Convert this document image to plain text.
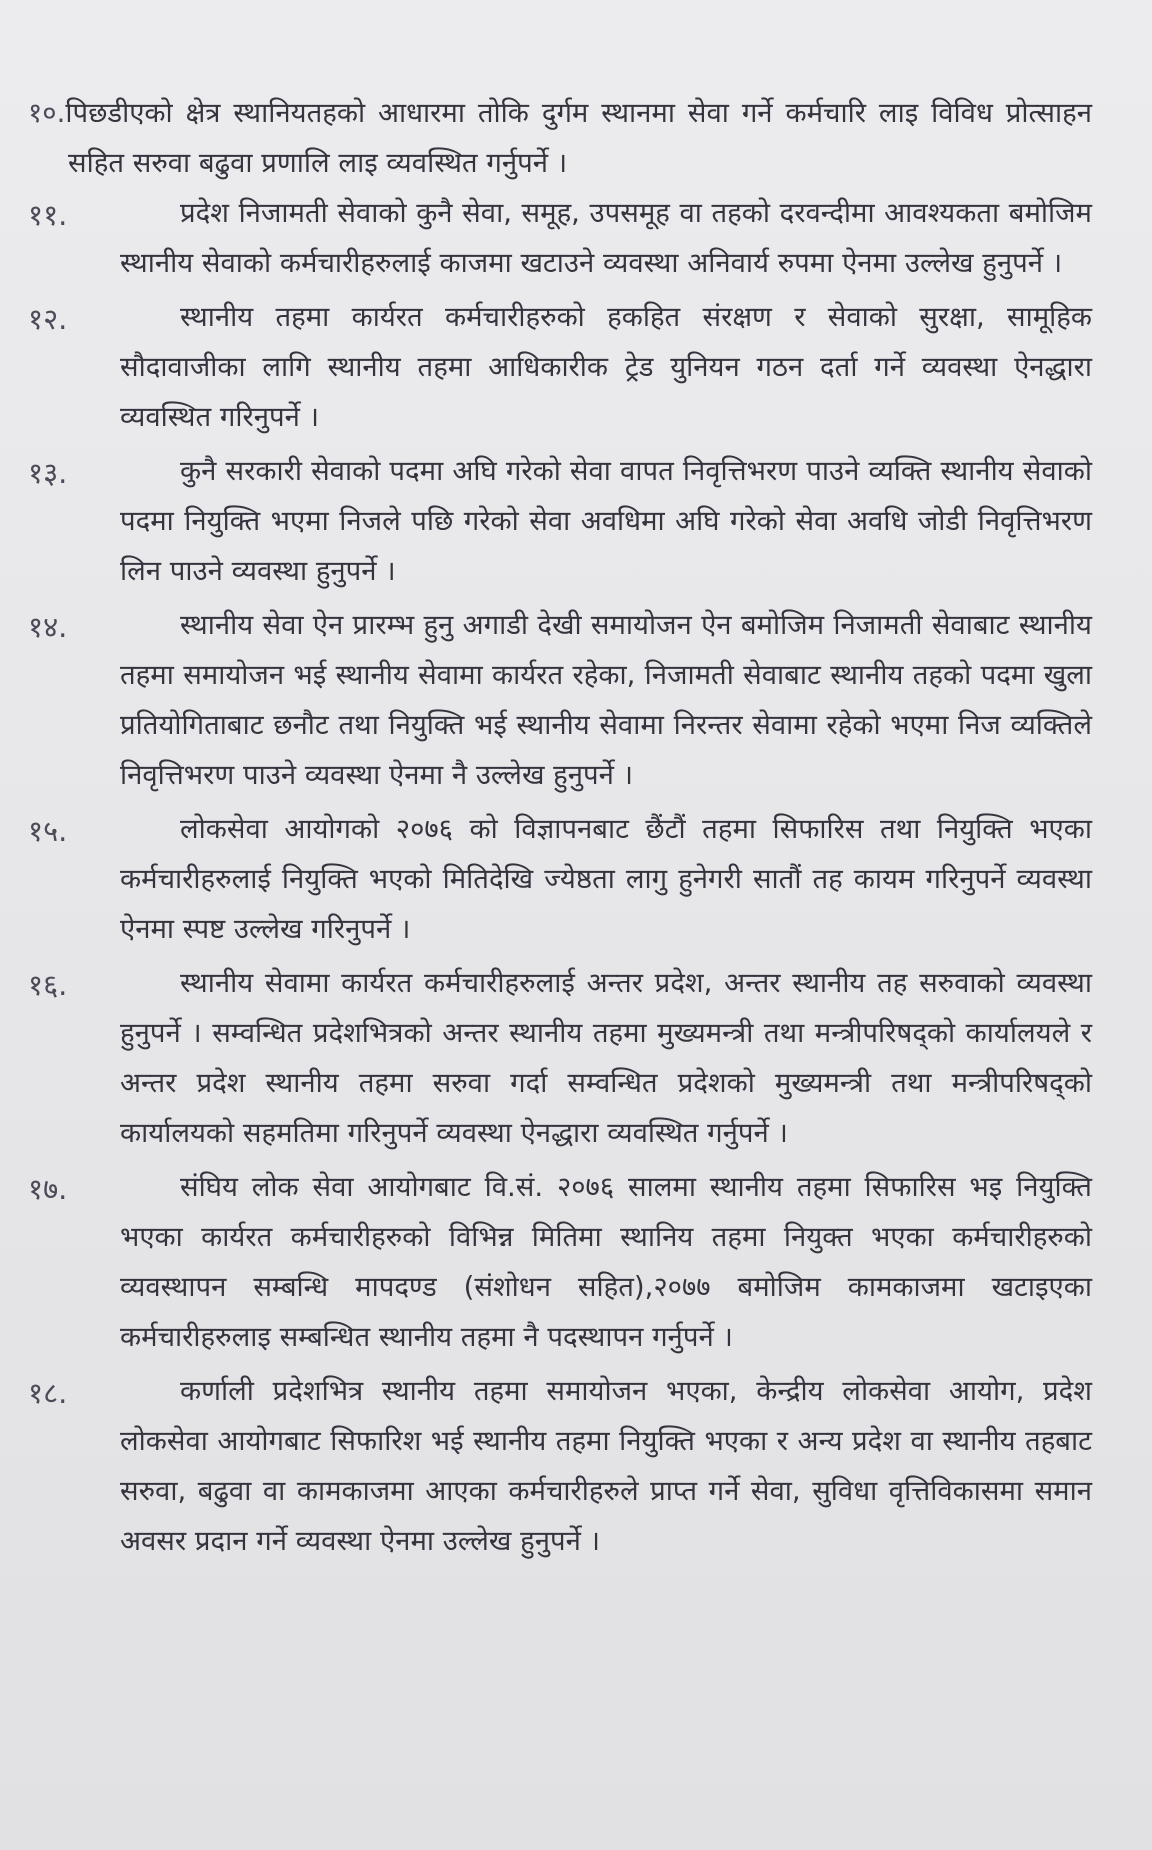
१०.पिछडीएको क्षेत्र स्थानियतहको आधारमा तोकि दुर्गम स्थानमा सेवा गर्ने कर्मचारि लाइ विविध प्रोत्साहन सहित सरुवा बढुवा प्रणालि लाइ व्यवस्थित गर्नुपर्ने ।
११.	प्रदेश निजामती सेवाको कुनै सेवा, समूह, उपसमूह वा तहको दरवन्दीमा आवश्यकता बमोजिम स्थानीय सेवाको कर्मचारीहरुलाई काजमा खटाउने व्यवस्था अनिवार्य रुपमा ऐनमा उल्लेख हुनुपर्ने ।
१२.	स्थानीय तहमा कार्यरत कर्मचारीहरुको हकहित संरक्षण र सेवाको सुरक्षा, सामूहिक सौदावाजीका लागि स्थानीय तहमा आधिकारीक ट्रेड युनियन गठन दर्ता गर्ने व्यवस्था ऐनद्धारा व्यवस्थित गरिनुपर्ने ।
१३.	कुनै सरकारी सेवाको पदमा अघि गरेको सेवा वापत निवृत्तिभरण पाउने व्यक्ति स्थानीय सेवाको पदमा नियुक्ति भएमा निजले पछि गरेको सेवा अवधिमा अघि गरेको सेवा अवधि जोडी निवृत्तिभरण लिन पाउने व्यवस्था हुनुपर्ने ।
१४.	स्थानीय सेवा ऐन प्रारम्भ हुनु अगाडी देखी समायोजन ऐन बमोजिम निजामती सेवाबाट स्थानीय तहमा समायोजन भई स्थानीय सेवामा कार्यरत रहेका, निजामती सेवाबाट स्थानीय तहको पदमा खुला प्रतियोगिताबाट छनौट तथा नियुक्ति भई स्थानीय सेवामा निरन्तर सेवामा रहेको भएमा निज व्यक्तिले निवृत्तिभरण पाउने व्यवस्था ऐनमा नै उल्लेख हुनुपर्ने ।
१५.	लोकसेवा आयोगको २०७६ को विज्ञापनबाट छैंटौं तहमा सिफारिस तथा नियुक्ति भएका कर्मचारीहरुलाई नियुक्ति भएको मितिदेखि ज्येष्ठता लागु हुनेगरी सातौं तह कायम गरिनुपर्ने व्यवस्था ऐनमा स्पष्ट उल्लेख गरिनुपर्ने ।
१६.	स्थानीय सेवामा कार्यरत कर्मचारीहरुलाई अन्तर प्रदेश, अन्तर स्थानीय तह सरुवाको व्यवस्था हुनुपर्ने । सम्वन्धित प्रदेशभित्रको अन्तर स्थानीय तहमा मुख्यमन्त्री तथा मन्त्रीपरिषद्को कार्यालयले र अन्तर प्रदेश स्थानीय तहमा सरुवा गर्दा सम्वन्धित प्रदेशको मुख्यमन्त्री तथा मन्त्रीपरिषद्को कार्यालयको सहमतिमा गरिनुपर्ने व्यवस्था ऐनद्धारा व्यवस्थित गर्नुपर्ने ।
१७.	संघिय लोक सेवा आयोगबाट वि.सं. २०७६ सालमा स्थानीय तहमा सिफारिस भइ नियुक्ति भएका कार्यरत कर्मचारीहरुको विभिन्न मितिमा स्थानिय तहमा नियुक्त भएका कर्मचारीहरुको व्यवस्थापन सम्बन्धि मापदण्ड (संशोधन सहित),२०७७ बमोजिम कामकाजमा खटाइएका कर्मचारीहरुलाइ सम्बन्धित स्थानीय तहमा नै पदस्थापन गर्नुपर्ने ।
१८.	कर्णाली प्रदेशभित्र स्थानीय तहमा समायोजन भएका, केन्द्रीय लोकसेवा आयोग, प्रदेश लोकसेवा आयोगबाट सिफारिश भई स्थानीय तहमा नियुक्ति भएका र अन्य प्रदेश वा स्थानीय तहबाट सरुवा, बढुवा वा कामकाजमा आएका कर्मचारीहरुले प्राप्त गर्ने सेवा, सुविधा वृत्तिविकासमा समान अवसर प्रदान गर्ने व्यवस्था ऐनमा उल्लेख हुनुपर्ने ।
